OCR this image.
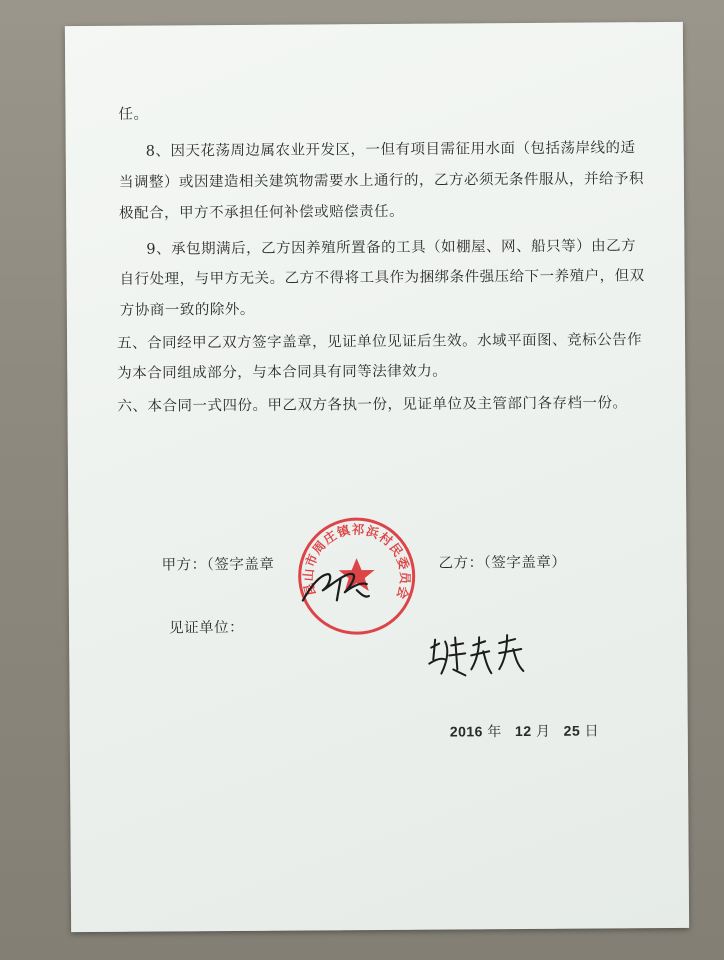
任。
8、因天花荡周边属农业开发区，一但有项目需征用水面（包括荡岸线的适
当调整）或因建造相关建筑物需要水上通行的，乙方必须无条件服从，并给予积
极配合，甲方不承担任何补偿或赔偿责任。
9、承包期满后，乙方因养殖所置备的工具（如棚屋、网、船只等）由乙方
自行处理，与甲方无关。乙方不得将工具作为捆绑条件强压给下一养殖户，但双
方协商一致的除外。
五、合同经甲乙双方签字盖章，见证单位见证后生效。水域平面图、竞标公告作
为本合同组成部分，与本合同具有同等法律效力。
六、本合同一式四份。甲乙双方各执一份，见证单位及主管部门各存档一份。
甲方：（签字盖章	乙方：（签字盖章）
见证单位：
2016 年 12 月 25 日
昆山市周庄镇祁浜村民委员会
